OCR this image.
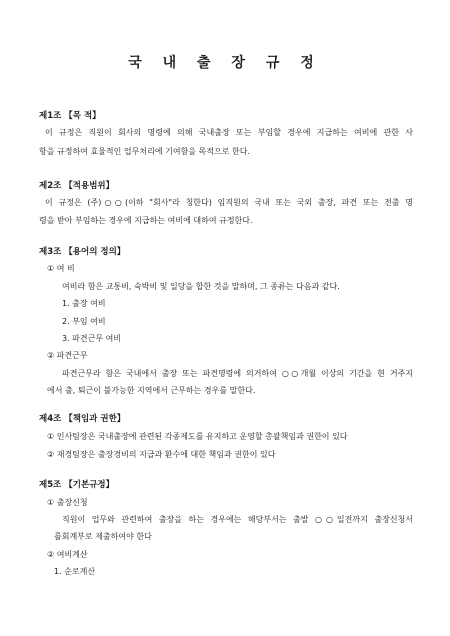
국 내 출 장 규 정
제1조 【목 적】
이 규정은 직원이 회사의 명령에 의해 국내출장 또는 부임할 경우에 지급하는 여비에 관한 사
항을 규정하여 효율적인 업무처리에 기여함을 목적으로 한다.
제2조 【적용범위】
이 규정은 (주)○○(이하 "회사"라 칭한다) 임직원의 국내 또는 국외 출장, 파견 또는 전출 명
령을 받아 부임하는 경우에 지급하는 여비에 대하여 규정한다.
제3조 【용어의 정의】
① 여 비
여비라 함은 교통비, 숙박비 및 일당을 합한 것을 말하며, 그 종류는 다음과 같다.
1. 출장 여비
2. 부임 여비
3. 파견근무 여비
② 파견근무
파견근무라 함은 국내에서 출장 또는 파견명령에 의거하여 ○○개월 이상의 기간을 현 거주지
에서 출, 퇴근이 불가능한 지역에서 근무하는 경우를 말한다.
제4조 【책임과 권한】
① 인사팀장은 국내출장에 관련된 각종제도를 유지하고 운영할 총괄책임과 권한이 있다
② 재경팀장은 출장경비의 지급과 환수에 대한 책임과 권한이 있다
제5조 【기본규정】
① 출장신청
직원이 업무와 관련하여 출장을 하는 경우에는 해당부서는 출발 ○○일전까지 출장신청서
를회계부로 제출하여야 한다
② 여비계산
1. 순로계산
